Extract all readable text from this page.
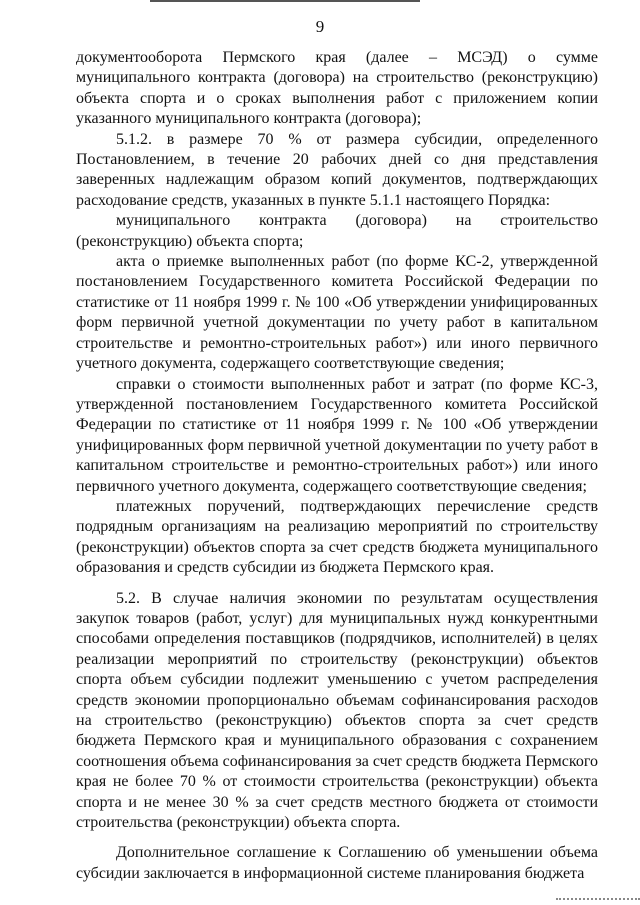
9

документооборота Пермского края (далее – МСЭД) о сумме муниципального контракта (договора) на строительство (реконструкцию) объекта спорта и о сроках выполнения работ с приложением копии указанного муниципального контракта (договора);

5.1.2. в размере 70 % от размера субсидии, определенного Постановлением, в течение 20 рабочих дней со дня представления заверенных надлежащим образом копий документов, подтверждающих расходование средств, указанных в пункте 5.1.1 настоящего Порядка:

муниципального контракта (договора) на строительство (реконструкцию) объекта спорта;

акта о приемке выполненных работ (по форме КС-2, утвержденной постановлением Государственного комитета Российской Федерации по статистике от 11 ноября 1999 г. № 100 «Об утверждении унифицированных форм первичной учетной документации по учету работ в капитальном строительстве и ремонтно-строительных работ») или иного первичного учетного документа, содержащего соответствующие сведения;

справки о стоимости выполненных работ и затрат (по форме КС-3, утвержденной постановлением Государственного комитета Российской Федерации по статистике от 11 ноября 1999 г. № 100 «Об утверждении унифицированных форм первичной учетной документации по учету работ в капитальном строительстве и ремонтно-строительных работ») или иного первичного учетного документа, содержащего соответствующие сведения;

платежных поручений, подтверждающих перечисление средств подрядным организациям на реализацию мероприятий по строительству (реконструкции) объектов спорта за счет средств бюджета муниципального образования и средств субсидии из бюджета Пермского края.

5.2. В случае наличия экономии по результатам осуществления закупок товаров (работ, услуг) для муниципальных нужд конкурентными способами определения поставщиков (подрядчиков, исполнителей) в целях реализации мероприятий по строительству (реконструкции) объектов спорта объем субсидии подлежит уменьшению с учетом распределения средств экономии пропорционально объемам софинансирования расходов на строительство (реконструкцию) объектов спорта за счет средств бюджета Пермского края и муниципального образования с сохранением соотношения объема софинансирования за счет средств бюджета Пермского края не более 70 % от стоимости строительства (реконструкции) объекта спорта и не менее 30 % за счет средств местного бюджета от стоимости строительства (реконструкции) объекта спорта.

Дополнительное соглашение к Соглашению об уменьшении объема субсидии заключается в информационной системе планирования бюджета
